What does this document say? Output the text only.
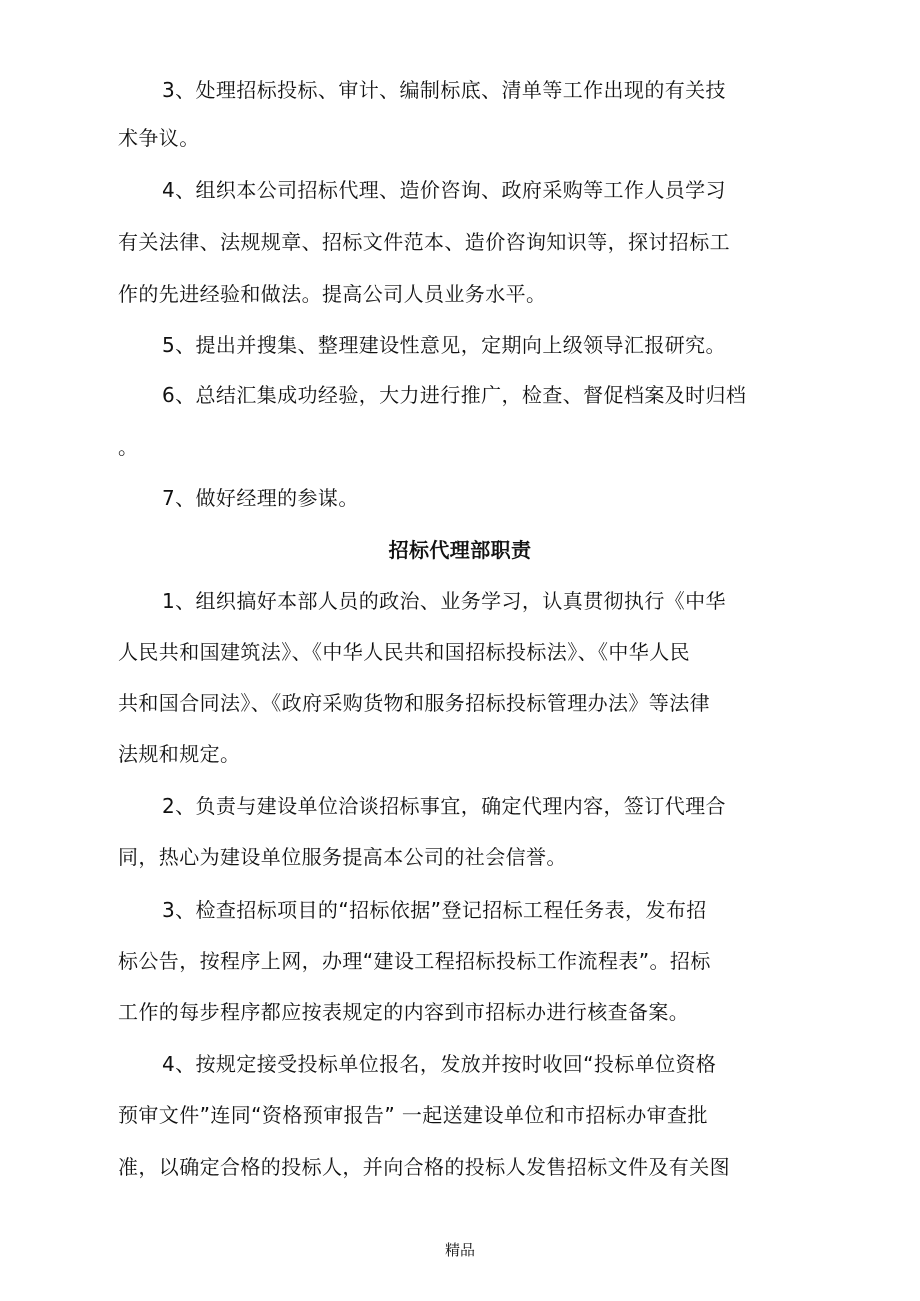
3、处理招标投标、审计、编制标底、清单等工作出现的有关技
术争议。
4、组织本公司招标代理、造价咨询、政府采购等工作人员学习
有关法律、法规规章、招标文件范本、造价咨询知识等，探讨招标工
作的先进经验和做法。提高公司人员业务水平。
5、提出并搜集、整理建设性意见，定期向上级领导汇报研究。
6、总结汇集成功经验，大力进行推广，检查、督促档案及时归档
。
7、做好经理的参谋。
招标代理部职责
1、组织搞好本部人员的政治、业务学习，认真贯彻执行《中华
人民共和国建筑法》、《中华人民共和国招标投标法》、《中华人民
共和国合同法》、《政府采购货物和服务招标投标管理办法》等法律
法规和规定。
2、负责与建设单位洽谈招标事宜，确定代理内容，签订代理合
同，热心为建设单位服务提高本公司的社会信誉。
3、检查招标项目的“招标依据”登记招标工程任务表，发布招
标公告，按程序上网，办理“建设工程招标投标工作流程表”。招标
工作的每步程序都应按表规定的内容到市招标办进行核查备案。
4、按规定接受投标单位报名，发放并按时收回“投标单位资格
预审文件”连同“资格预审报告” 一起送建设单位和市招标办审查批
准，以确定合格的投标人，并向合格的投标人发售招标文件及有关图
精品
